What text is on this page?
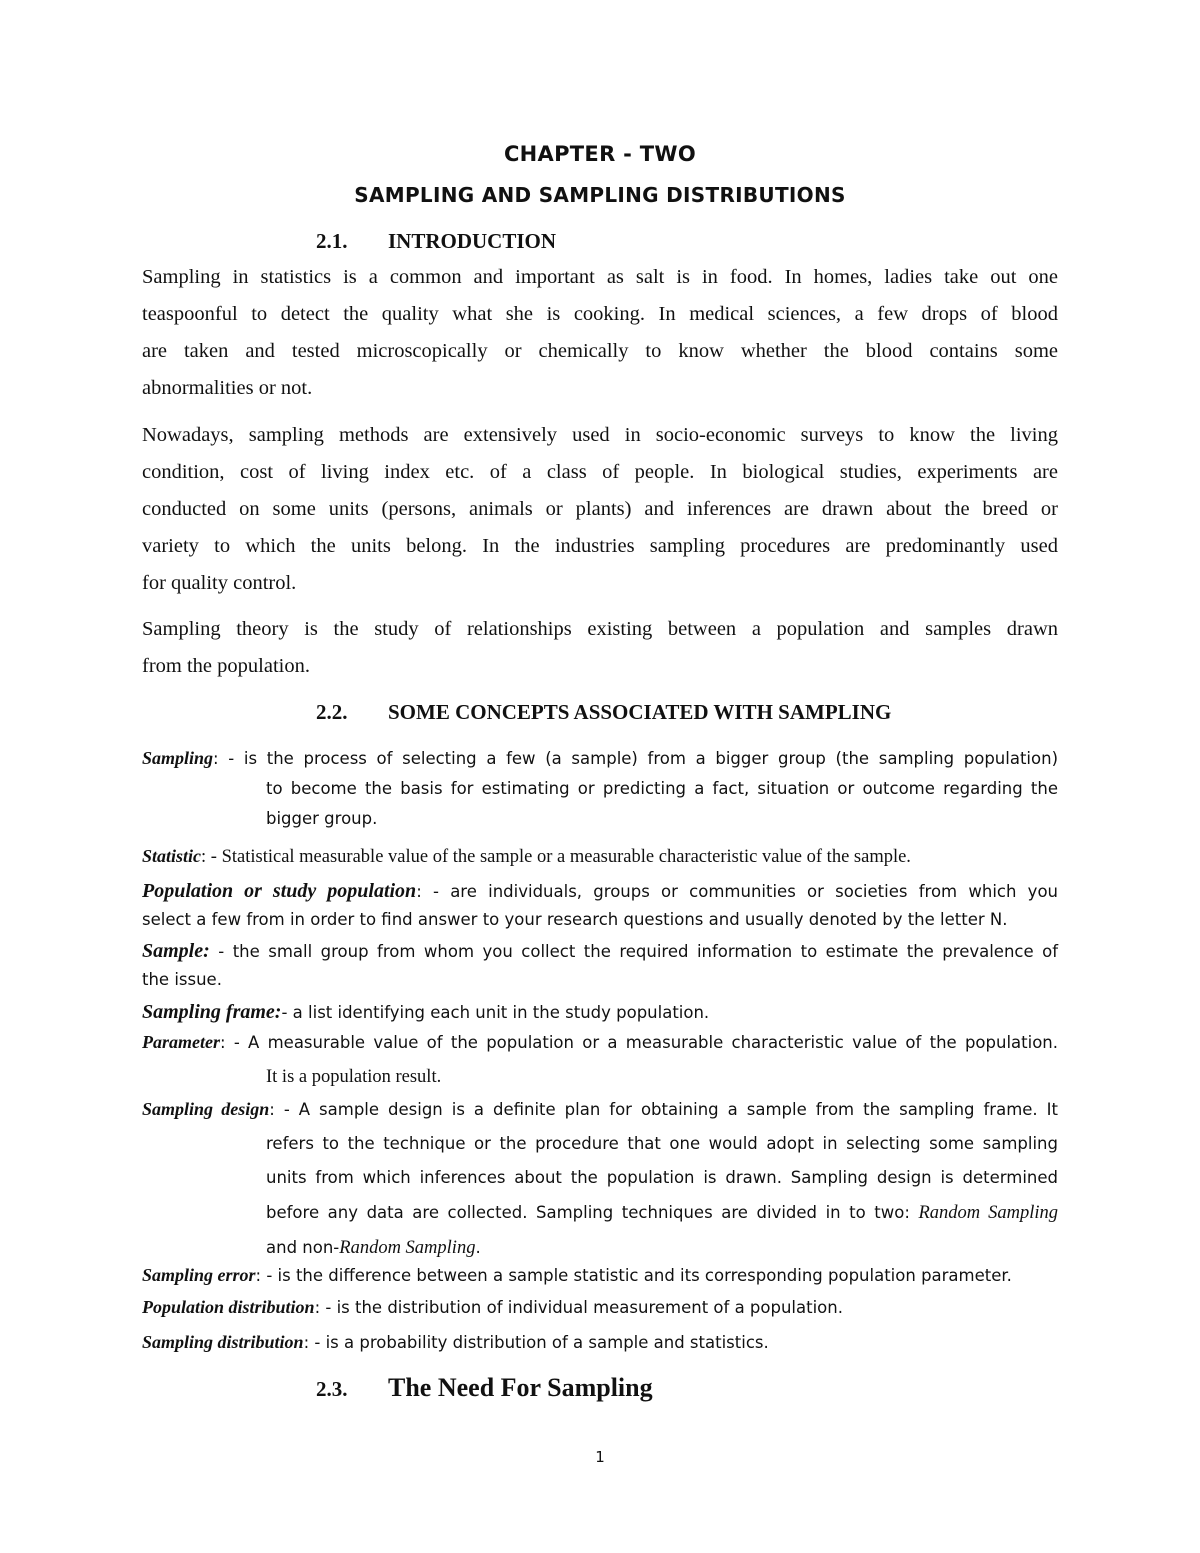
CHAPTER - TWO
SAMPLING AND SAMPLING DISTRIBUTIONS
2.1. INTRODUCTION
Sampling in statistics is a common and important as salt is in food. In homes, ladies take out one
teaspoonful to detect the quality what she is cooking. In medical sciences, a few drops of blood
are taken and tested microscopically or chemically to know whether the blood contains some
abnormalities or not.
Nowadays, sampling methods are extensively used in socio-economic surveys to know the living
condition, cost of living index etc. of a class of people. In biological studies, experiments are
conducted on some units (persons, animals or plants) and inferences are drawn about the breed or
variety to which the units belong. In the industries sampling procedures are predominantly used
for quality control.
Sampling theory is the study of relationships existing between a population and samples drawn
from the population.
2.2. SOME CONCEPTS ASSOCIATED WITH SAMPLING
Sampling: - is the process of selecting a few (a sample) from a bigger group (the sampling population)
to become the basis for estimating or predicting a fact, situation or outcome regarding the
bigger group.
Statistic: - Statistical measurable value of the sample or a measurable characteristic value of the sample.
Population or study population: - are individuals, groups or communities or societies from which you
select a few from in order to find answer to your research questions and usually denoted by the letter N.
Sample: - the small group from whom you collect the required information to estimate the prevalence of
the issue.
Sampling frame:- a list identifying each unit in the study population.
Parameter: - A measurable value of the population or a measurable characteristic value of the population.
It is a population result.
Sampling design: - A sample design is a definite plan for obtaining a sample from the sampling frame. It
refers to the technique or the procedure that one would adopt in selecting some sampling
units from which inferences about the population is drawn. Sampling design is determined
before any data are collected. Sampling techniques are divided in to two: Random Sampling
and non-Random Sampling.
Sampling error: - is the difference between a sample statistic and its corresponding population parameter.
Population distribution: - is the distribution of individual measurement of a population.
Sampling distribution: - is a probability distribution of a sample and statistics.
2.3. The Need For Sampling
1
